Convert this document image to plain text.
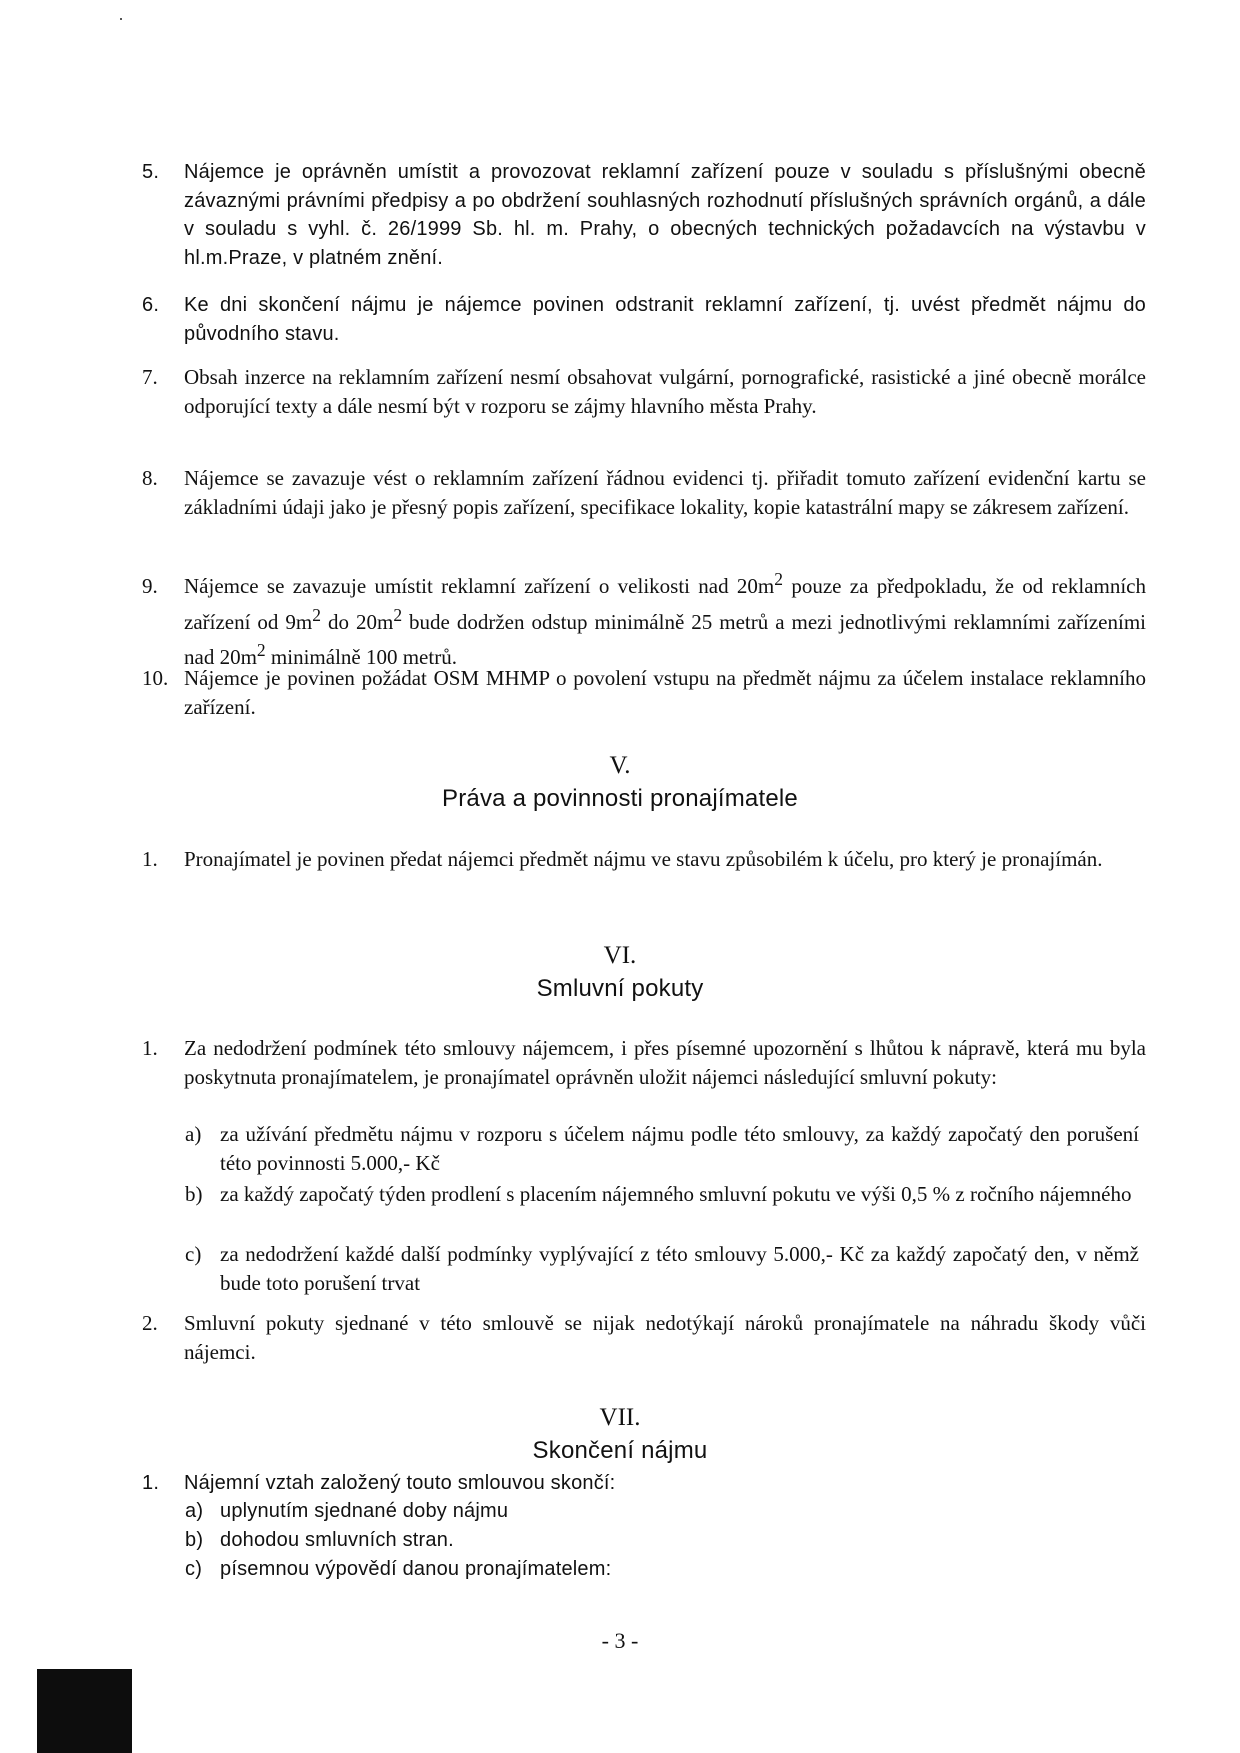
5. Nájemce je oprávněn umístit a provozovat reklamní zařízení pouze v souladu s příslušnými obecně závaznými právními předpisy a po obdržení souhlasných rozhodnutí příslušných správních orgánů, a dále v souladu s vyhl. č. 26/1999 Sb. hl. m. Prahy, o obecných technických požadavcích na výstavbu v hl.m.Praze, v platném znění.

6. Ke dni skončení nájmu je nájemce povinen odstranit reklamní zařízení, tj. uvést předmět nájmu do původního stavu.

7. Obsah inzerce na reklamním zařízení nesmí obsahovat vulgární, pornografické, rasistické a jiné obecně morálce odporující texty a dále nesmí být v rozporu se zájmy hlavního města Prahy.

8. Nájemce se zavazuje vést o reklamním zařízení řádnou evidenci tj. přiřadit tomuto zařízení evidenční kartu se základními údaji jako je přesný popis zařízení, specifikace lokality, kopie katastrální mapy se zákresem zařízení.

9. Nájemce se zavazuje umístit reklamní zařízení o velikosti nad $20m^2$ pouze za předpokladu, že od reklamních zařízení od $9m^2$ do $20m^2$ bude dodržen odstup minimálně 25 metrů a mezi jednotlivými reklamními zařízeními nad $20m^2$ minimálně 100 metrů.

10. Nájemce je povinen požádat OSM MHMP o povolení vstupu na předmět nájmu za účelem instalace reklamního zařízení.

V.

Práva a povinnosti pronajímatele

1. Pronajímatel je povinen předat nájemci předmět nájmu ve stavu způsobilém k účelu, pro který je pronajímán.

VI.

Smluvní pokuty

1. Za nedodržení podmínek této smlouvy nájemcem, i přes písemné upozornění s lhůtou k nápravě, která mu byla poskytnuta pronajímatelem, je pronajímatel oprávněn uložit nájemci následující smluvní pokuty:

a) za užívání předmětu nájmu v rozporu s účelem nájmu podle této smlouvy, za každý započatý den porušení této povinnosti 5.000,- Kč

b) za každý započatý týden prodlení s placením nájemného smluvní pokutu ve výši 0,5 % z ročního nájemného

c) za nedodržení každé další podmínky vyplývající z této smlouvy 5.000,- Kč za každý započatý den, v němž bude toto porušení trvat

2. Smluvní pokuty sjednané v této smlouvě se nijak nedotýkají nároků pronajímatele na náhradu škody vůči nájemci.

VII.

Skončení nájmu

1. Nájemní vztah založený touto smlouvou skončí:

a) uplynutím sjednané doby nájmu

b) dohodou smluvních stran.

c) písemnou výpovědí danou pronajímatelem:

- 3 -
